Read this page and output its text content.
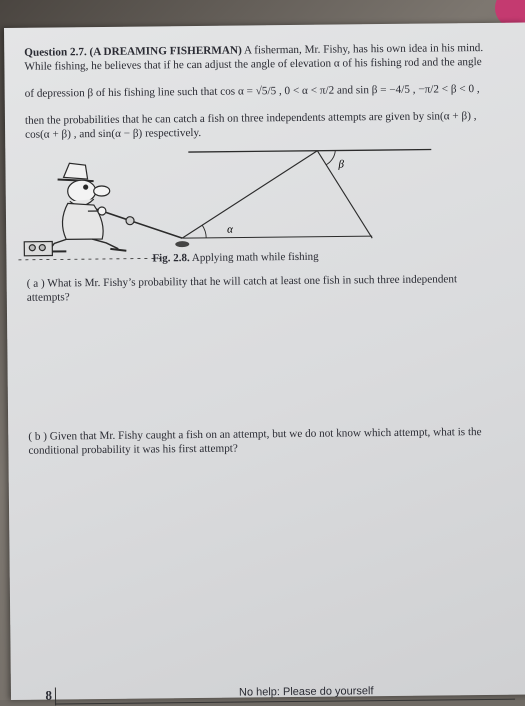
Question 2.7. (A DREAMING FISHERMAN) A fisherman, Mr. Fishy, has his own idea in his mind.
While fishing, he believes that if he can adjust the angle of elevation α of his fishing rod and the angle
of depression β of his fishing line such that cos α = √5/5 , 0 < α < π/2 and sin β = −4/5 , −π/2 < β < 0 ,
then the probabilities that he can catch a fish on three independents attempts are given by sin(α + β) ,
cos(α + β) , and sin(α − β) respectively.
β
α
Fig. 2.8. Applying math while fishing
( a ) What is Mr. Fishy’s probability that he will catch at least one fish in such three independent
attempts?
( b ) Given that Mr. Fishy caught a fish on an attempt, but we do not know which attempt, what is the
conditional probability it was his first attempt?
8	No help: Please do yourself
